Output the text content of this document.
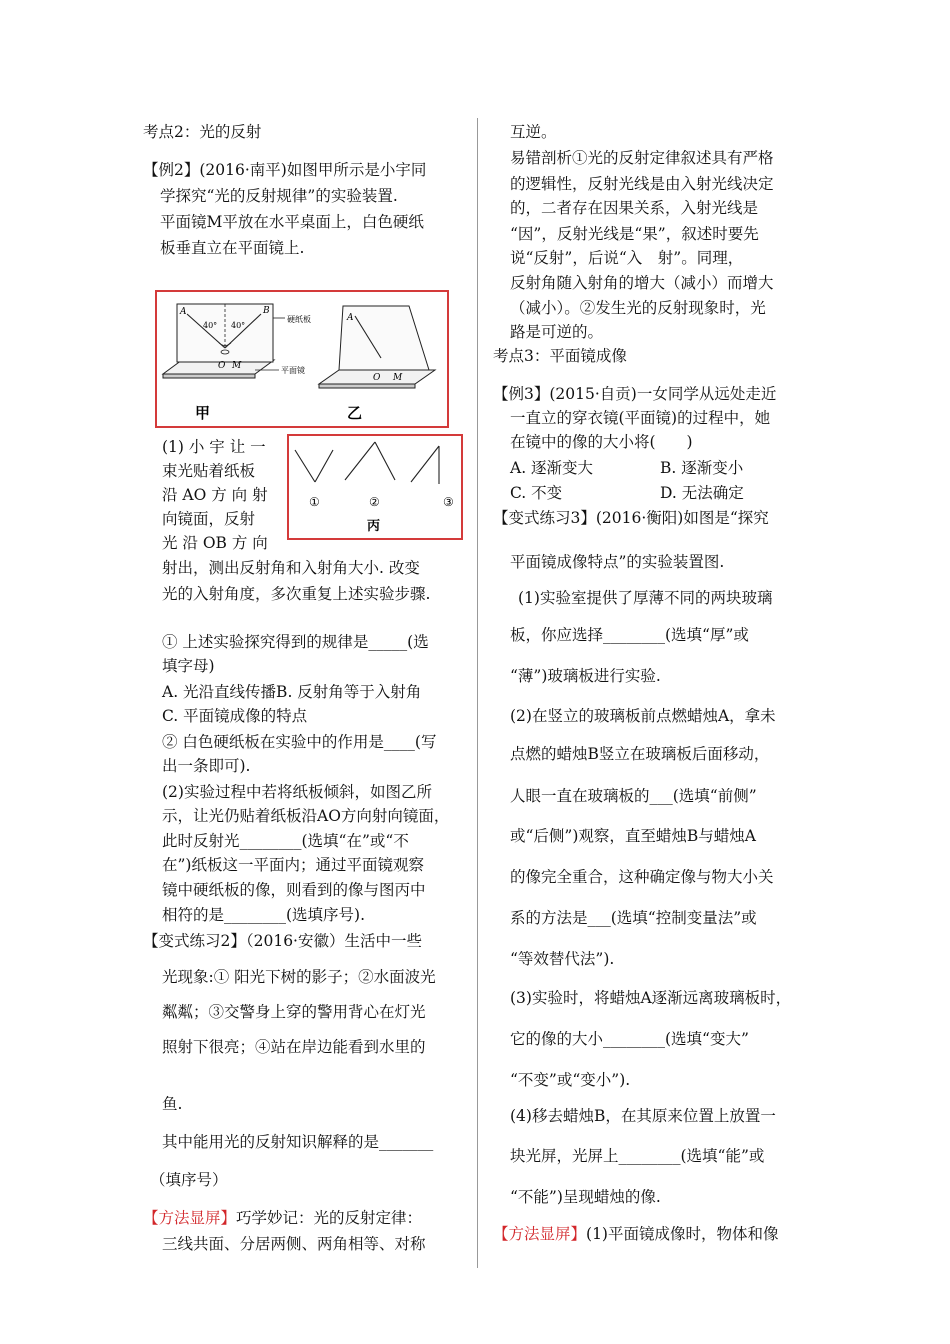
考点2：光的反射
【例2】(2016·南平)如图甲所示是小宇同
学探究“光的反射规律”的实验装置.
平面镜M平放在水平桌面上，白色硬纸
板垂直立在平面镜上.
A	B
40° 40°
O M
硬纸板
平面镜
A
O M
甲	乙
①	②	③
丙
(1) 小 宇 让 一
束光贴着纸板
沿 AO 方 向 射
向镜面，反射
光 沿 OB 方 向
射出，测出反射角和入射角大小. 改变
光的入射角度，多次重复上述实验步骤.
① 上述实验探究得到的规律是_____(选
填字母)
A. 光沿直线传播B. 反射角等于入射角
C. 平面镜成像的特点
② 白色硬纸板在实验中的作用是____(写
出一条即可).
(2)实验过程中若将纸板倾斜，如图乙所
示，让光仍贴着纸板沿AO方向射向镜面，
此时反射光________(选填“在”或“不
在”)纸板这一平面内；通过平面镜观察
镜中硬纸板的像，则看到的像与图丙中
相符的是________(选填序号).
【变式练习2】（2016·安徽）生活中一些
光现象:① 阳光下树的影子；②水面波光
粼粼；③交警身上穿的警用背心在灯光
照射下很亮；④站在岸边能看到水里的
鱼.
其中能用光的反射知识解释的是_______
（填序号）
【方法显屏】巧学妙记：光的反射定律：
三线共面、分居两侧、两角相等、对称
互逆。
易错剖析①光的反射定律叙述具有严格
的逻辑性，反射光线是由入射光线决定
的，二者存在因果关系，入射光线是
“因”，反射光线是“果”，叙述时要先
说“反射”，后说“入　射”。同理，
反射角随入射角的增大（减小）而增大
（减小）。②发生光的反射现象时，光
路是可逆的。
考点3：平面镜成像
【例3】(2015·自贡)一女同学从远处走近
一直立的穿衣镜(平面镜)的过程中，她
在镜中的像的大小将(　　)
A. 逐渐变大	B. 逐渐变小
C. 不变	D. 无法确定
【变式练习3】(2016·衡阳)如图是“探究
平面镜成像特点”的实验装置图.
(1)实验室提供了厚薄不同的两块玻璃
板，你应选择________(选填“厚”或
“薄”)玻璃板进行实验.
(2)在竖立的玻璃板前点燃蜡烛A，拿未
点燃的蜡烛B竖立在玻璃板后面移动，
人眼一直在玻璃板的___(选填“前侧”
或“后侧”)观察，直至蜡烛B与蜡烛A
的像完全重合，这种确定像与物大小关
系的方法是___(选填“控制变量法”或
“等效替代法”).
(3)实验时，将蜡烛A逐渐远离玻璃板时，
它的像的大小________(选填“变大”
“不变”或“变小”).
(4)移去蜡烛B，在其原来位置上放置一
块光屏，光屏上________(选填“能”或
“不能”)呈现蜡烛的像.
【方法显屏】(1)平面镜成像时，物体和像
